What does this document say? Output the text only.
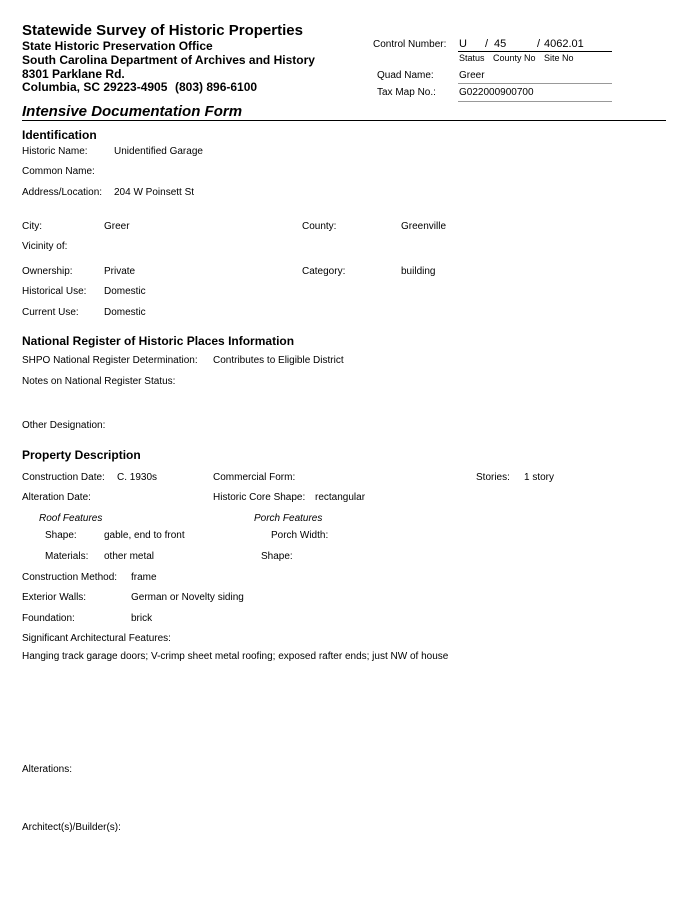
Statewide Survey of Historic Properties
State Historic Preservation Office
South Carolina Department of Archives and History
8301 Parklane Rd.
Columbia, SC 29223-4905 (803) 896-6100
Control Number: U / 45	/ 4062.01
Status County No Site No
Quad Name:	Greer
Tax Map No.: G022000900700
Intensive Documentation Form
Identification
Historic Name:	Unidentified Garage
Common Name:
Address/Location: 204 W Poinsett St
City:	Greer	County:	Greenville
Vicinity of:
Ownership:	Private	Category:	building
Historical Use: Domestic
Current Use:	Domestic
National Register of Historic Places Information
SHPO National Register Determination: Contributes to Eligible District
Notes on National Register Status:
Other Designation:
Property Description
Construction Date: C. 1930s	Commercial Form:	Stories: 1 story
Alteration Date:	Historic Core Shape: rectangular
Roof Features	Porch Features
Shape:	gable, end to front	Porch Width:
Materials: other metal	Shape:
Construction Method: frame
Exterior Walls:	German or Novelty siding
Foundation:	brick
Significant Architectural Features:
Hanging track garage doors; V-crimp sheet metal roofing; exposed rafter ends; just NW of house
Alterations:
Architect(s)/Builder(s):
